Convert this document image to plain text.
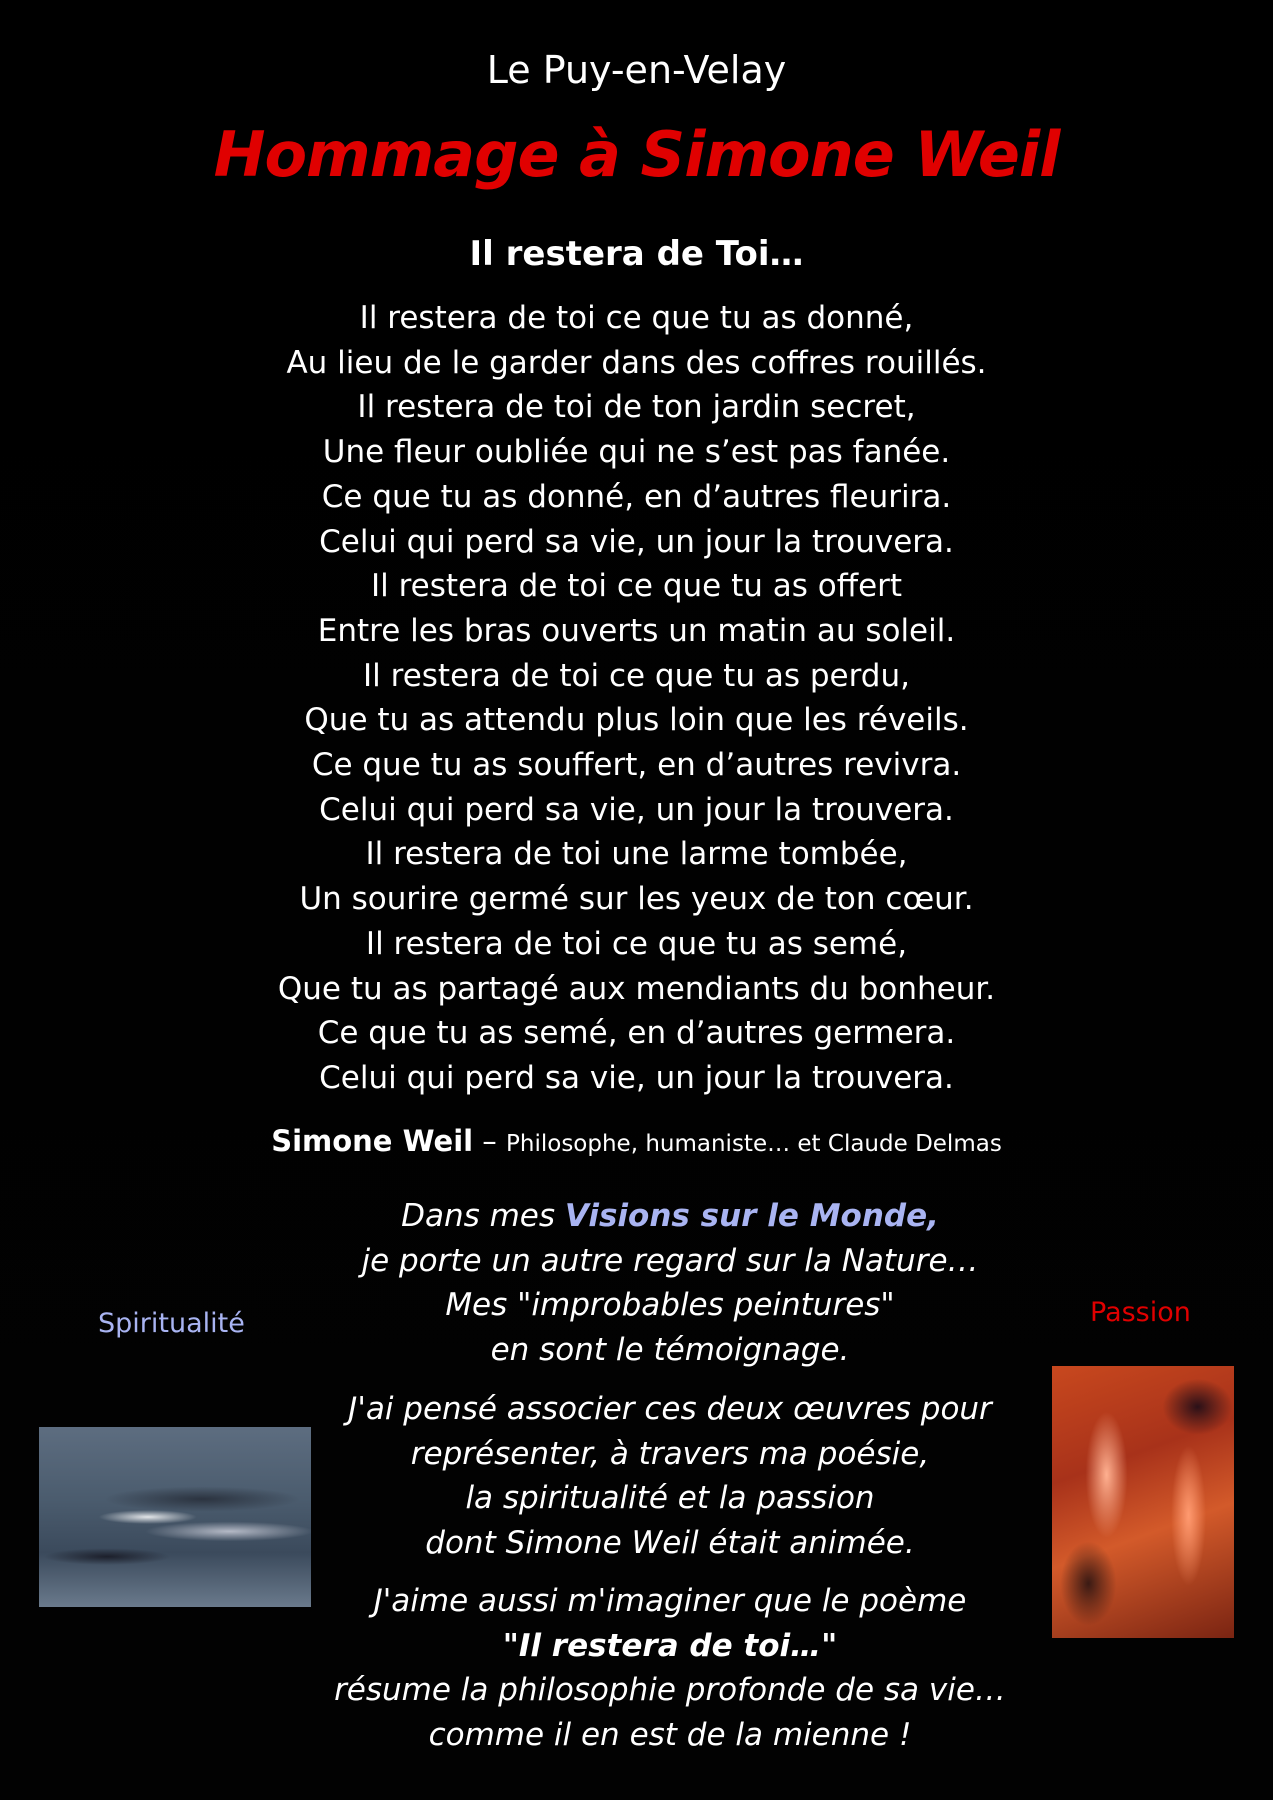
Le Puy-en-Velay
Hommage à Simone Weil
Il restera de Toi…
Il restera de toi ce que tu as donné,
Au lieu de le garder dans des coffres rouillés.
Il restera de toi de ton jardin secret,
Une fleur oubliée qui ne s’est pas fanée.
Ce que tu as donné, en d’autres fleurira.
Celui qui perd sa vie, un jour la trouvera.
Il restera de toi ce que tu as offert
Entre les bras ouverts un matin au soleil.
Il restera de toi ce que tu as perdu,
Que tu as attendu plus loin que les réveils.
Ce que tu as souffert, en d’autres revivra.
Celui qui perd sa vie, un jour la trouvera.
Il restera de toi une larme tombée,
Un sourire germé sur les yeux de ton cœur.
Il restera de toi ce que tu as semé,
Que tu as partagé aux mendiants du bonheur.
Ce que tu as semé, en d’autres germera.
Celui qui perd sa vie, un jour la trouvera.
Simone Weil – Philosophe, humaniste… et Claude Delmas
Dans mes Visions sur le Monde,
je porte un autre regard sur la Nature…
Mes "improbables peintures"
en sont le témoignage.
J'ai pensé associer ces deux œuvres pour
représenter, à travers ma poésie,
la spiritualité et la passion
dont Simone Weil était animée.
J'aime aussi m'imaginer que le poème
"Il restera de toi…"
résume la philosophie profonde de sa vie…
comme il en est de la mienne !
Spiritualité	Passion
